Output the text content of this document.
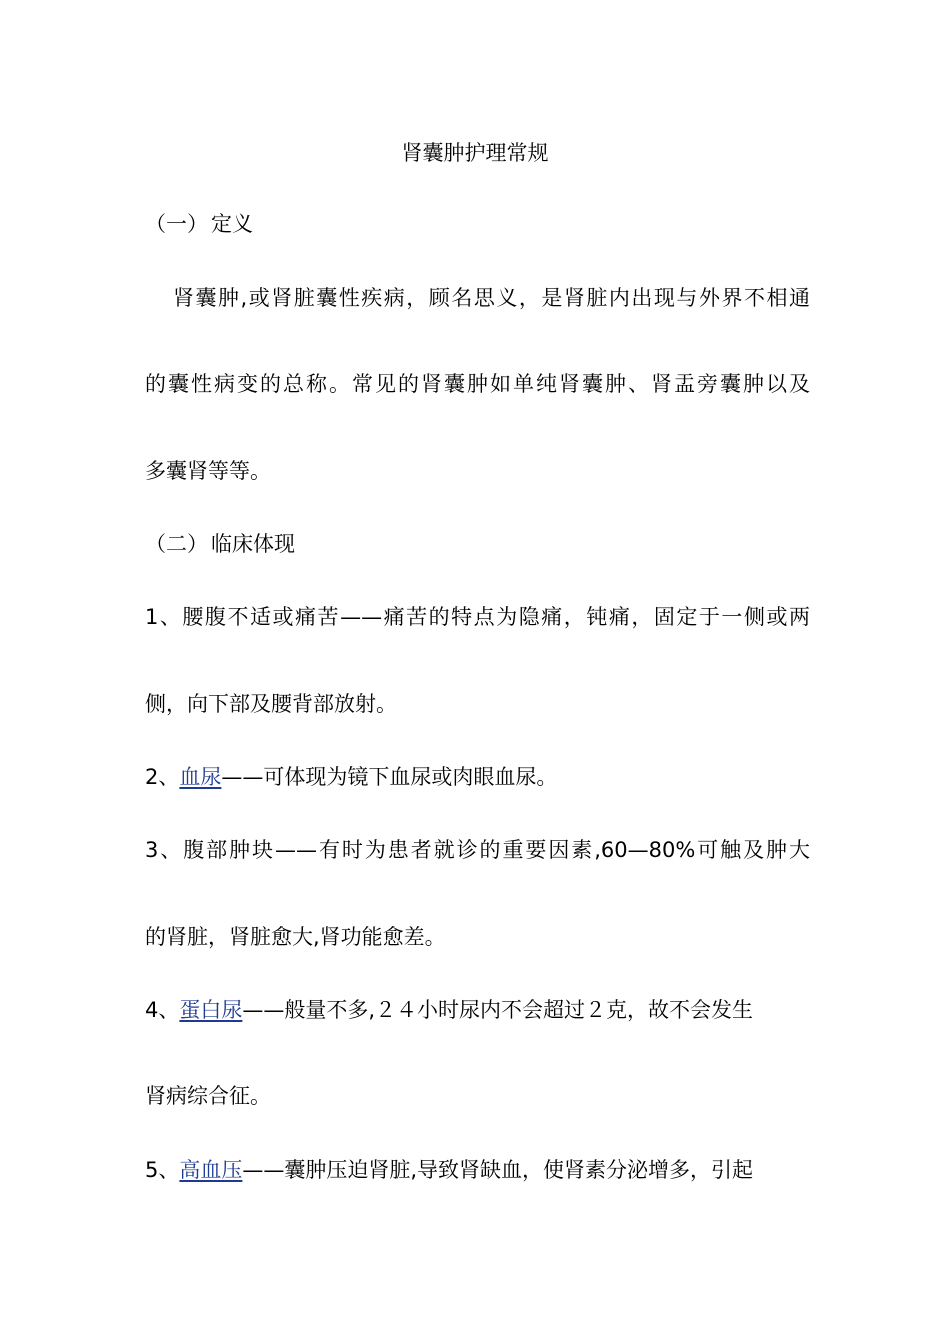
肾囊肿护理常规
（一） 定义
肾囊肿,或肾脏囊性疾病，顾名思义，是肾脏内出现与外界不相通
的囊性病变的总称。常见的肾囊肿如单纯肾囊肿、肾盂旁囊肿以及
多囊肾等等。
（二） 临床体现
1、腰腹不适或痛苦——痛苦的特点为隐痛，钝痛，固定于一侧或两
侧，向下部及腰背部放射。
2、血尿——可体现为镜下血尿或肉眼血尿。
3、腹部肿块——有时为患者就诊的重要因素,60—80%可触及肿大
的肾脏，肾脏愈大,肾功能愈差。
4、蛋白尿——般量不多,２４小时尿内不会超过２克，故不会发生
肾病综合征。
5、高血压——囊肿压迫肾脏,导致肾缺血，使肾素分泌增多，引起
